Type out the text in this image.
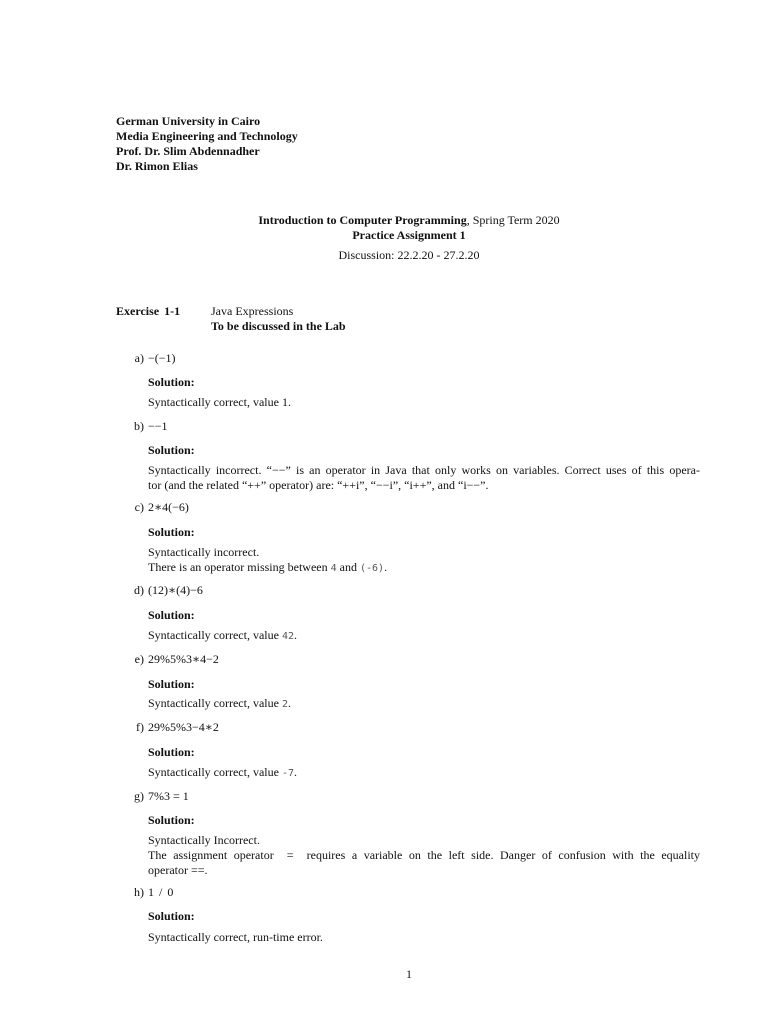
German University in Cairo
Media Engineering and Technology
Prof. Dr. Slim Abdennadher
Dr. Rimon Elias
Introduction to Computer Programming, Spring Term 2020
Practice Assignment 1
Discussion: 22.2.20 - 27.2.20
Exercise 1-1	Java Expressions
To be discussed in the Lab
a) −(−1)
Solution:
Syntactically correct, value 1.
b) −−1
Solution:
Syntactically incorrect. “−−” is an operator in Java that only works on variables. Correct uses of this opera-
tor (and the related “++” operator) are: “++i”, “−−i”, “i++”, and “i−−”.
c) 2∗4(−6)
Solution:
Syntactically incorrect.
There is an operator missing between 4 and (-6).
d) (12)∗(4)−6
Solution:
Syntactically correct, value 42.
e) 29%5%3∗4−2
Solution:
Syntactically correct, value 2.
f) 29%5%3−4∗2
Solution:
Syntactically correct, value -7.
g) 7%3 = 1
Solution:
Syntactically Incorrect.
The assignment operator  =  requires a variable on the left side. Danger of confusion with the equality
operator ==.
h) 1 / 0
Solution:
Syntactically correct, run-time error.
1
